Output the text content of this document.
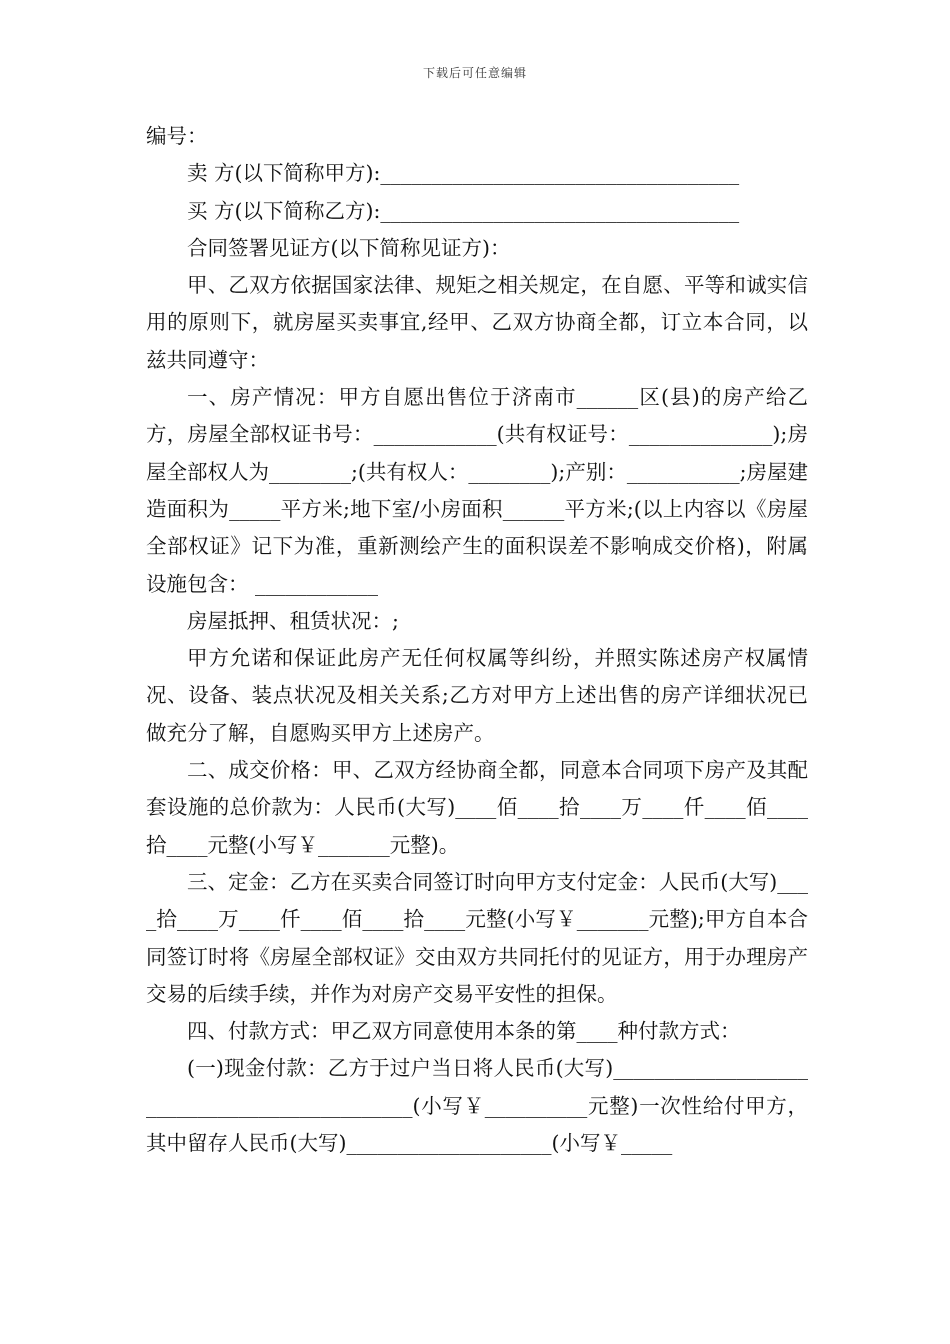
下载后可任意编辑

编号：

卖 方(以下简称甲方):___________________________________

买 方(以下简称乙方):___________________________________

合同签署见证方(以下简称见证方)：

甲、乙双方依据国家法律、规矩之相关规定，在自愿、平等和诚实信用的原则下，就房屋买卖事宜,经甲、乙双方协商全都，订立本合同，以兹共同遵守：

一、房产情况：甲方自愿出售位于济南市______区(县)的房产给乙方，房屋全部权证书号：____________(共有权证号：______________);房屋全部权人为________;(共有权人：________);产别：___________;房屋建造面积为_____平方米;地下室/小房面积______平方米;(以上内容以《房屋全部权证》记下为准，重新测绘产生的面积误差不影响成交价格)，附属设施包含： ____________

房屋抵押、租赁状况：;

甲方允诺和保证此房产无任何权属等纠纷，并照实陈述房产权属情况、设备、装点状况及相关关系;乙方对甲方上述出售的房产详细状况已做充分了解，自愿购买甲方上述房产。

二、成交价格：甲、乙双方经协商全都，同意本合同项下房产及其配套设施的总价款为：人民币(大写)____佰____拾____万____仟____佰____拾____元整(小写￥_______元整)。

三、定金：乙方在买卖合同签订时向甲方支付定金：人民币(大写)____拾____万____仟____佰____拾____元整(小写￥_______元整);甲方自本合同签订时将《房屋全部权证》交由双方共同托付的见证方，用于办理房产交易的后续手续，并作为对房产交易平安性的担保。

四、付款方式：甲乙双方同意使用本条的第____种付款方式：

(一)现金付款：乙方于过户当日将人民币(大写)_____________________________________________(小写￥__________元整)一次性给付甲方，其中留存人民币(大写)____________________(小写￥_____
